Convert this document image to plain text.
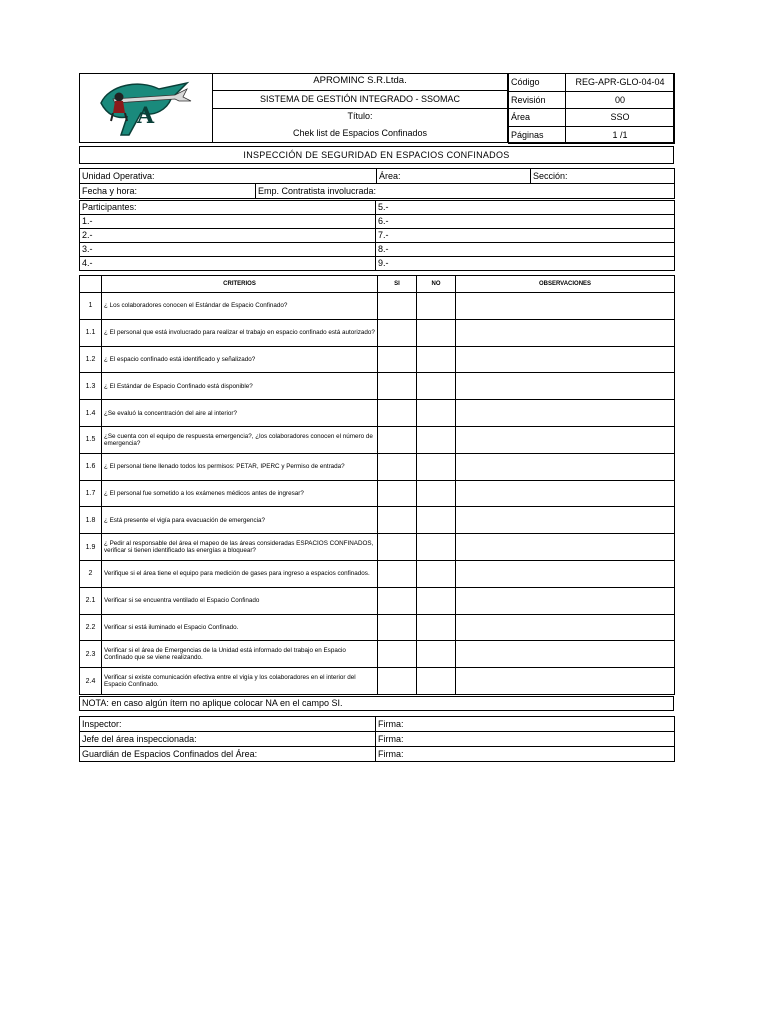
A
APROMINC S.R.Ltda.
SISTEMA DE GESTIÓN INTEGRADO - SSOMAC
Título:
Chek list de Espacios Confinados
Código	REG-APR-GLO-04-04
Revisión	00
Área	SSO
Páginas	1 /1
INSPECCIÓN DE SEGURIDAD EN ESPACIOS CONFINADOS
Unidad Operativa:		Área:	Sección:
Fecha y hora:	Emp. Contratista involucrada:		
Participantes:	5.-
1.-	6.-
2.-	7.-
3.-	8.-
4.-	9.-
	CRITERIOS	SI	NO	OBSERVACIONES
1	¿ Los colaboradores conocen el Estándar de Espacio Confinado?			
1.1	¿ El personal que está involucrado para realizar el trabajo en espacio confinado está autorizado?			
1.2	¿ El espacio confinado está identificado y señalizado?			
1.3	¿ El Estándar de Espacio Confinado está disponible?			
1.4	¿Se evaluó la concentración del aire al interior?			
1.5	¿Se cuenta con el equipo de respuesta emergencia?, ¿los colaboradores conocen el número de emergencia?			
1.6	¿ El personal tiene llenado todos los permisos: PETAR, IPERC y Permiso de entrada?			
1.7	¿ El personal fue sometido a los exámenes médicos antes de ingresar?			
1.8	¿ Está presente el vigía para evacuación de emergencia?			
1.9	¿ Pedir al responsable del área el mapeo de las áreas consideradas ESPACIOS CONFINADOS, verificar si tienen identificado las energías a bloquear?			
2	Verifique si el área tiene el equipo para medición de gases para ingreso a espacios confinados.			
2.1	Verificar si se encuentra ventilado el Espacio Confinado			
2.2	Verificar si está iluminado el Espacio Confinado.			
2.3	Verificar si el área de Emergencias de la Unidad está informado del trabajo en Espacio Confinado que se viene realizando.			
2.4	Verificar si existe comunicación efectiva entre el vigía y los colaboradores en el interior del Espacio Confinado.			
NOTA: en caso algún ítem no aplique colocar NA en el campo SI.
Inspector:	Firma:
Jefe del área inspeccionada:	Firma:
Guardián de Espacios Confinados del Área:	Firma:
